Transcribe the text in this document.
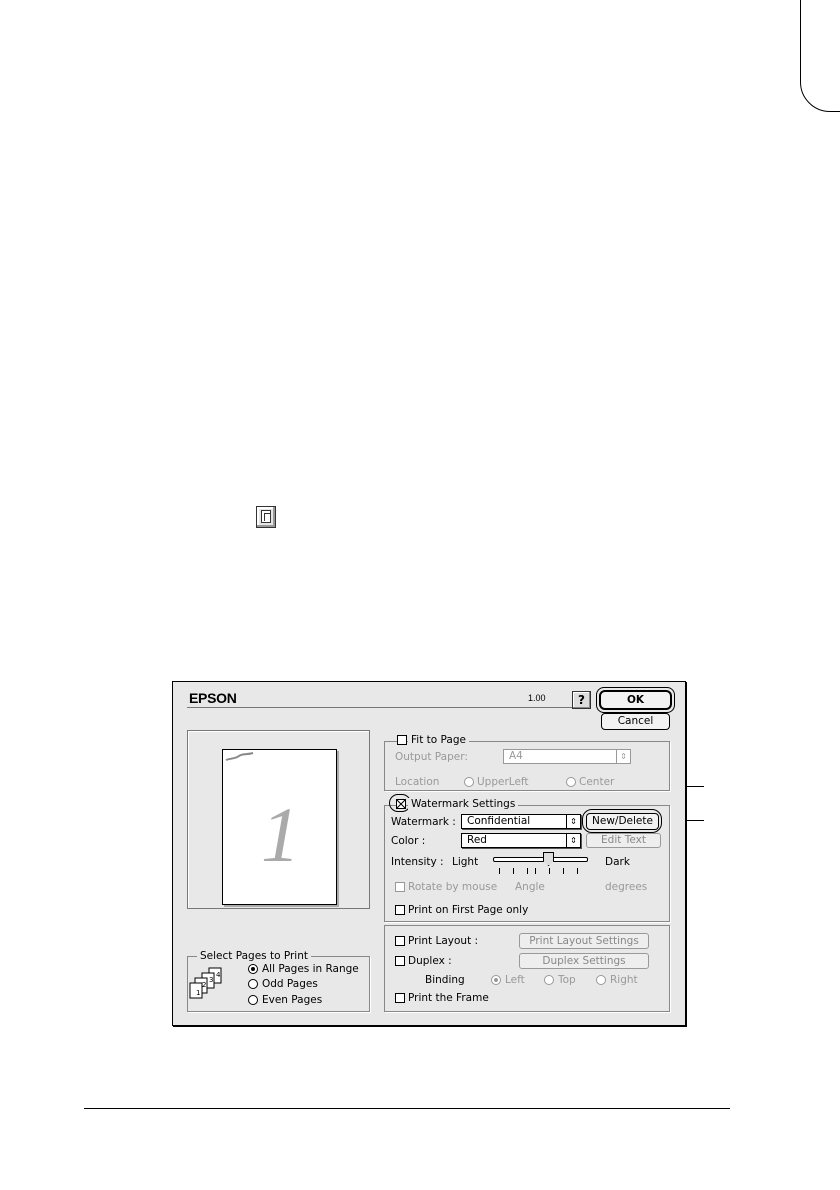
EPSON	1.00	?	OK
Cancel
1
Fit to Page
Output Paper:	A4	⇕
Location	UpperLeft	Center
Watermark Settings
Watermark :	Confidential	⇕	New/Delete
Color :	Red	⇕	Edit Text
Intensity : Light	Dark
Rotate by mouse Angle	degrees
Print on First Page only
Print Layout :	Print Layout Settings
Duplex :	Duplex Settings
Binding	Left	Top	Right
Print the Frame
Select Pages to Print
4
3
2
1
All Pages in Range
Odd Pages
Even Pages
